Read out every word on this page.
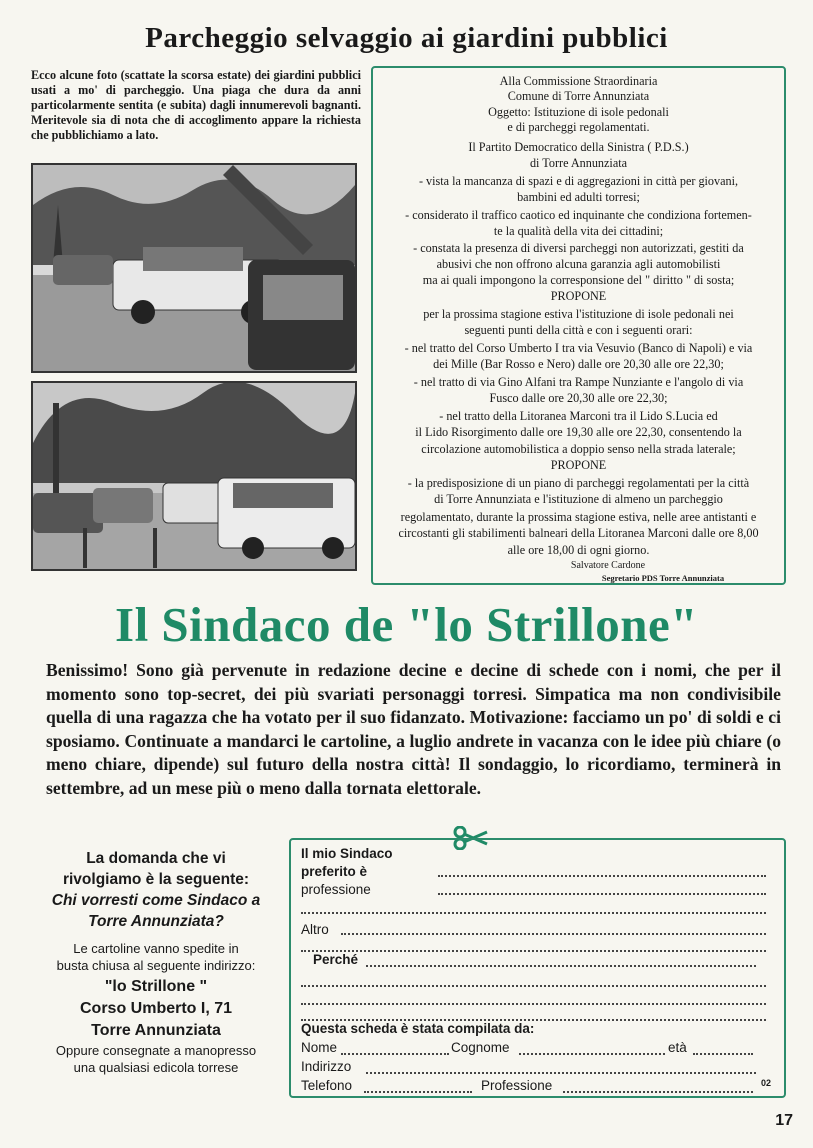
Parcheggio selvaggio ai giardini pubblici
Ecco alcune foto (scattate la scorsa estate) dei giardini pubblici usati a mo' di parcheggio. Una piaga che dura da anni particolarmente sentita (e subita) dagli innumerevoli bagnanti. Meritevole sia di nota che di accoglimento appare la richiesta che pubblichiamo a lato.
Alla Commissione Straordinaria
Comune di Torre Annunziata
Oggetto: Istituzione di isole pedonali
e di parcheggi regolamentati.
Il Partito Democratico della Sinistra ( P.D.S.)
di Torre Annunziata
- vista la mancanza di spazi e di aggregazioni in città per giovani,
bambini ed adulti torresi;
- considerato il traffico caotico ed inquinante che condiziona fortemen-
te la qualità della vita dei cittadini;
- constata la presenza di diversi parcheggi non autorizzati, gestiti da
abusivi che non offrono alcuna garanzia agli automobilisti
ma ai quali impongono la corresponsione del " diritto " di sosta;
PROPONE
per la prossima stagione estiva l'istituzione di isole pedonali nei
seguenti punti della città e con i seguenti orari:
- nel tratto del Corso Umberto I tra via Vesuvio (Banco di Napoli) e via
dei Mille (Bar Rosso e Nero) dalle ore 20,30 alle ore 22,30;
- nel tratto di via Gino Alfani tra Rampe Nunziante e l'angolo di via
Fusco dalle ore 20,30 alle ore 22,30;
- nel tratto della Litoranea Marconi tra il Lido S.Lucia ed
il Lido Risorgimento dalle ore 19,30 alle ore 22,30, consentendo la
circolazione automobilistica a doppio senso nella strada laterale;
PROPONE
- la predisposizione di un piano di parcheggi regolamentati per la città
di Torre Annunziata e l'istituzione di almeno un parcheggio
regolamentato, durante la prossima stagione estiva, nelle aree antistanti e
circostanti gli stabilimenti balneari della Litoranea Marconi dalle ore 8,00
alle ore 18,00 di ogni giorno.
Salvatore Cardone
Segretario PDS Torre Annunziata
Il Sindaco de "lo Strillone"
Benissimo! Sono già pervenute in redazione decine e decine di schede con i nomi, che per il momento sono top-secret, dei più svariati personaggi torresi. Simpatica ma non condivisibile quella di una ragazza che ha votato per il suo fidanzato. Motivazione: facciamo un po' di soldi e ci sposiamo. Continuate a mandarci le cartoline, a luglio andrete in vacanza con le idee più chiare (o meno chiare, dipende) sul futuro della nostra città! Il sondaggio, lo ricordiamo, terminerà in settembre, ad un mese più o meno dalla tornata elettorale.
La domanda che vi
rivolgiamo è la seguente:
Chi vorresti come Sindaco a
Torre Annunziata?
Le cartoline vanno spedite in
busta chiusa al seguente indirizzo:
"lo Strillone "
Corso Umberto I, 71
Torre Annunziata
Oppure consegnate a manopresso
una qualsiasi edicola torrese
Il mio Sindaco
preferito è
professione
Altro
Perché
Questa scheda è stata compilata da:
Nome	Cognome	età
Indirizzo
Telefono	Professione	02
17
